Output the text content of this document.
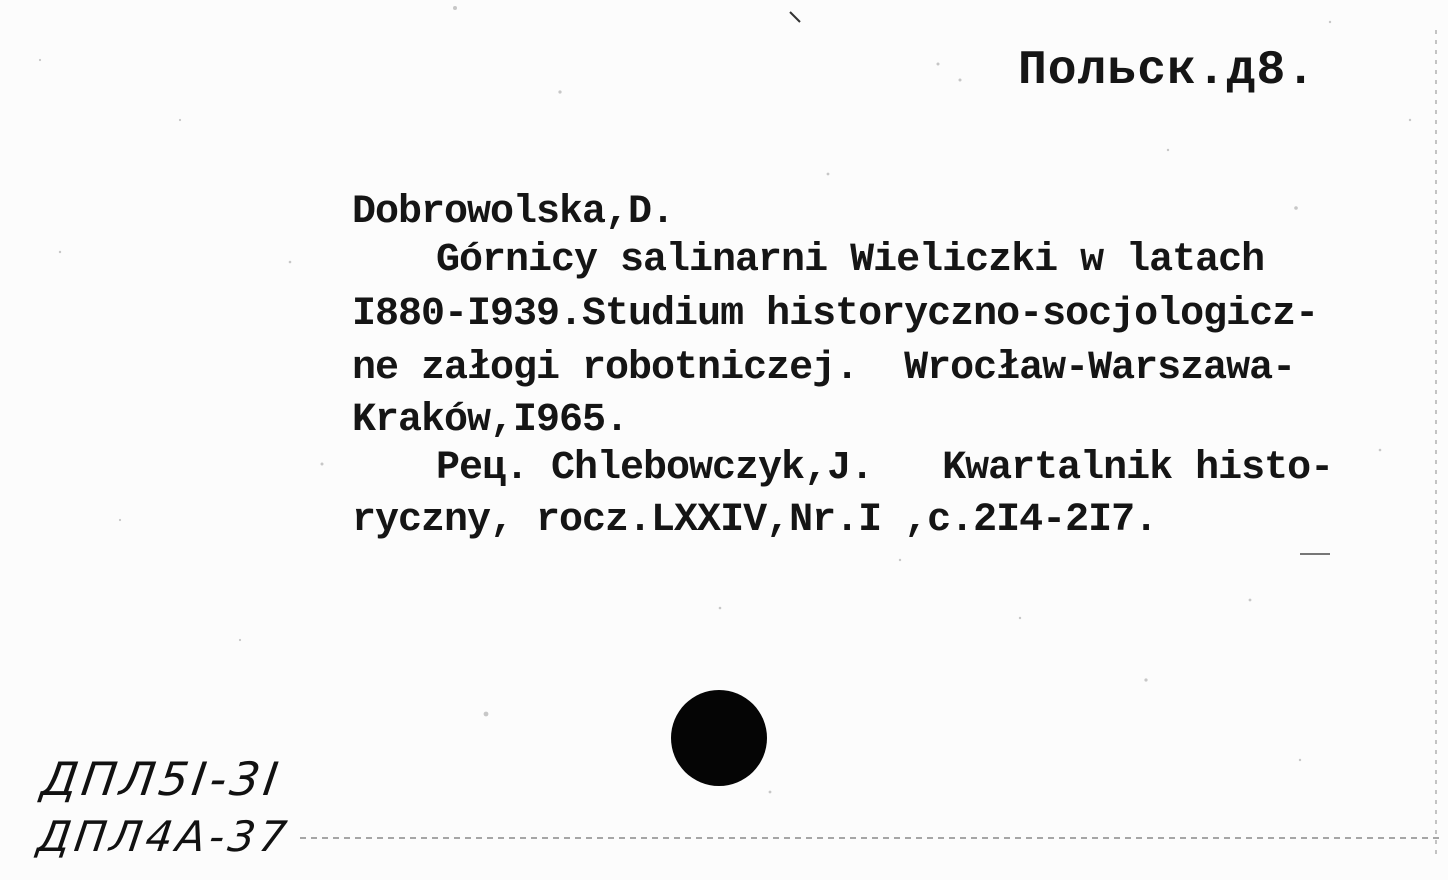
Польск.д8.
Dobrowolska,D.
Górnicy salinarni Wieliczki w latach
I880-I939.Studium historyczno-socjologicz-
ne załogi robotniczej.  Wrocław-Warszawa-
Kraków,I965.
Рец. Chlebowczyk,J.   Kwartalnik histo-
ryczny, rocz.LXXIV,Nr.I ,c.2I4-2I7.
ДПЛ5І-3І
ДПЛ4А-37
